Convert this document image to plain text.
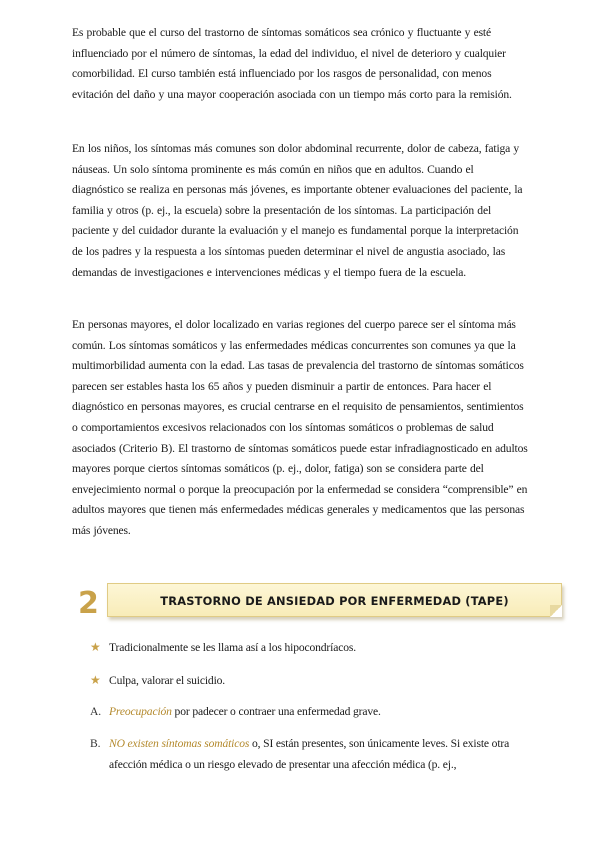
Es probable que el curso del trastorno de síntomas somáticos sea crónico y fluctuante y esté influenciado por el número de síntomas, la edad del individuo, el nivel de deterioro y cualquier comorbilidad. El curso también está influenciado por los rasgos de personalidad, con menos evitación del daño y una mayor cooperación asociada con un tiempo más corto para la remisión.

En los niños, los síntomas más comunes son dolor abdominal recurrente, dolor de cabeza, fatiga y náuseas. Un solo síntoma prominente es más común en niños que en adultos. Cuando el diagnóstico se realiza en personas más jóvenes, es importante obtener evaluaciones del paciente, la familia y otros (p. ej., la escuela) sobre la presentación de los síntomas. La participación del paciente y del cuidador durante la evaluación y el manejo es fundamental porque la interpretación de los padres y la respuesta a los síntomas pueden determinar el nivel de angustia asociado, las demandas de investigaciones e intervenciones médicas y el tiempo fuera de la escuela.

En personas mayores, el dolor localizado en varias regiones del cuerpo parece ser el síntoma más común. Los síntomas somáticos y las enfermedades médicas concurrentes son comunes ya que la multimorbilidad aumenta con la edad. Las tasas de prevalencia del trastorno de síntomas somáticos parecen ser estables hasta los 65 años y pueden disminuir a partir de entonces. Para hacer el diagnóstico en personas mayores, es crucial centrarse en el requisito de pensamientos, sentimientos o comportamientos excesivos relacionados con los síntomas somáticos o problemas de salud asociados (Criterio B). El trastorno de síntomas somáticos puede estar infradiagnosticado en adultos mayores porque ciertos síntomas somáticos (p. ej., dolor, fatiga) son se considera parte del envejecimiento normal o porque la preocupación por la enfermedad se considera “comprensible” en adultos mayores que tienen más enfermedades médicas generales y medicamentos que las personas más jóvenes.

2	TRASTORNO DE ANSIEDAD POR ENFERMEDAD (TAPE)
★ Tradicionalmente se les llama así a los hipocondríacos.
★ Culpa, valorar el suicidio.
A. Preocupación por padecer o contraer una enfermedad grave.
B. NO existen síntomas somáticos o, SI están presentes, son únicamente leves. Si existe otra afección médica o un riesgo elevado de presentar una afección médica (p. ej.,
